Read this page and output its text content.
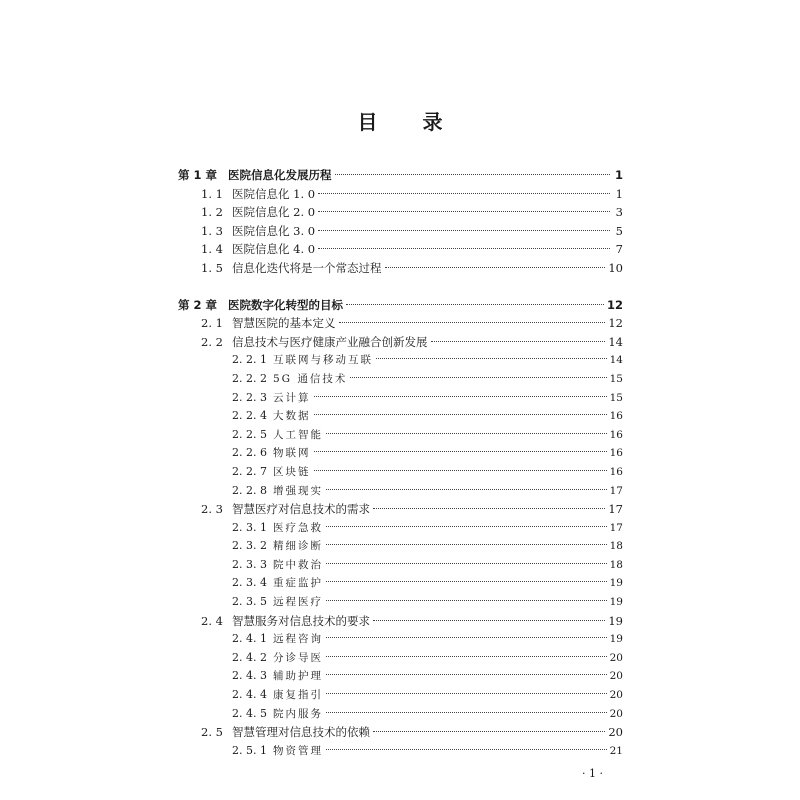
目 录
第 1 章 医院信息化发展历程	1
1. 1 医院信息化 1. 0	1
1. 2 医院信息化 2. 0	3
1. 3 医院信息化 3. 0	5
1. 4 医院信息化 4. 0	7
1. 5 信息化迭代将是一个常态过程	10
第 2 章 医院数字化转型的目标	12
2. 1 智慧医院的基本定义	12
2. 2 信息技术与医疗健康产业融合创新发展	14
2. 2. 1 互联网与移动互联	14
2. 2. 2 5G 通信技术	15
2. 2. 3 云计算	15
2. 2. 4 大数据	16
2. 2. 5 人工智能	16
2. 2. 6 物联网	16
2. 2. 7 区块链	16
2. 2. 8 增强现实	17
2. 3 智慧医疗对信息技术的需求	17
2. 3. 1 医疗急救	17
2. 3. 2 精细诊断	18
2. 3. 3 院中救治	18
2. 3. 4 重症监护	19
2. 3. 5 远程医疗	19
2. 4 智慧服务对信息技术的要求	19
2. 4. 1 远程咨询	19
2. 4. 2 分诊导医	20
2. 4. 3 辅助护理	20
2. 4. 4 康复指引	20
2. 4. 5 院内服务	20
2. 5 智慧管理对信息技术的依赖	20
2. 5. 1 物资管理	21
· 1 ·
